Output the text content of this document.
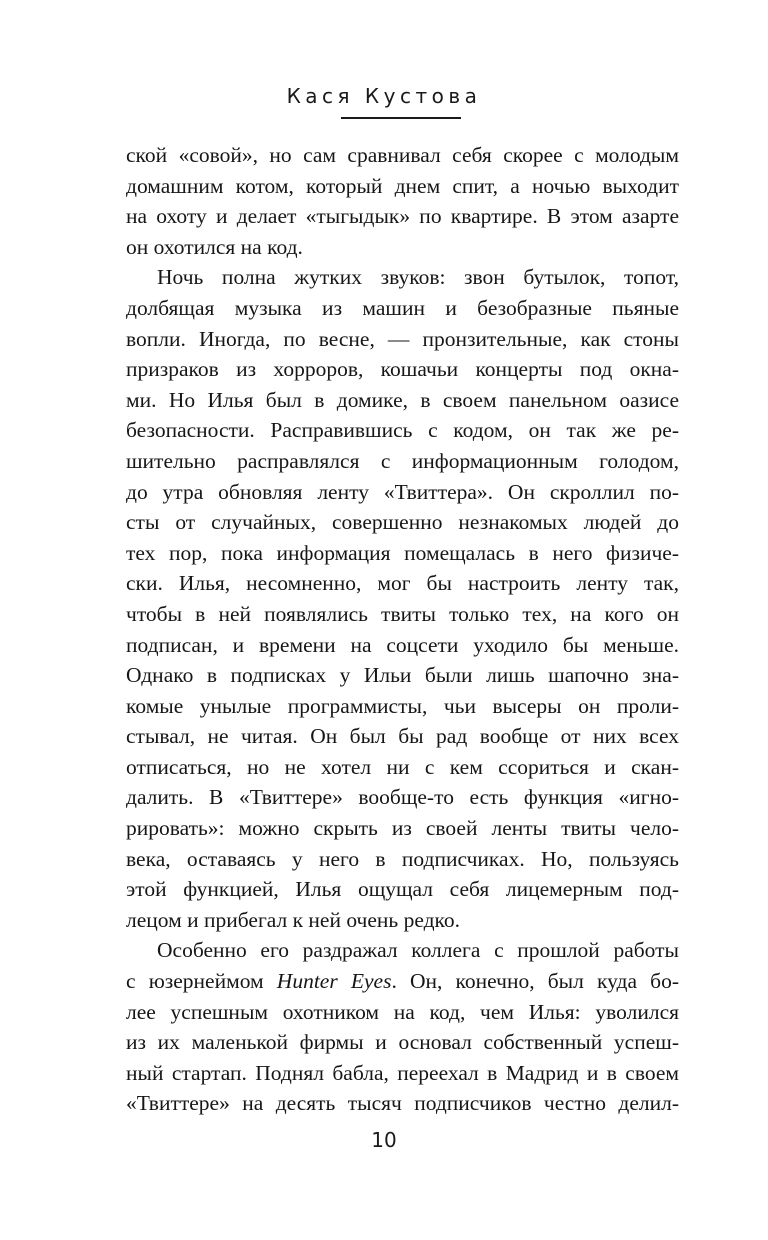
Кася Кустова

ской «совой», но сам сравнивал себя скорее с молодым
домашним котом, который днем спит, а ночью выходит
на охоту и делает «тыгыдык» по квартире. В этом азарте
он охотился на код.

Ночь полна жутких звуков: звон бутылок, топот,
долбящая музыка из машин и безобразные пьяные
вопли. Иногда, по весне, — пронзительные, как стоны
призраков из хорроров, кошачьи концерты под окна-
ми. Но Илья был в домике, в своем панельном оазисе
безопасности. Расправившись с кодом, он так же ре-
шительно расправлялся с информационным голодом,
до утра обновляя ленту «Твиттера». Он скроллил по-
сты от случайных, совершенно незнакомых людей до
тех пор, пока информация помещалась в него физиче-
ски. Илья, несомненно, мог бы настроить ленту так,
чтобы в ней появлялись твиты только тех, на кого он
подписан, и времени на соцсети уходило бы меньше.
Однако в подписках у Ильи были лишь шапочно зна-
комые унылые программисты, чьи высеры он проли-
стывал, не читая. Он был бы рад вообще от них всех
отписаться, но не хотел ни с кем ссориться и скан-
далить. В «Твиттере» вообще-то есть функция «игно-
рировать»: можно скрыть из своей ленты твиты чело-
века, оставаясь у него в подписчиках. Но, пользуясь
этой функцией, Илья ощущал себя лицемерным под-
лецом и прибегал к ней очень редко.

Особенно его раздражал коллега с прошлой работы
с юзернеймом Hunter Eyes. Он, конечно, был куда бо-
лее успешным охотником на код, чем Илья: уволился
из их маленькой фирмы и основал собственный успеш-
ный стартап. Поднял бабла, переехал в Мадрид и в своем
«Твиттере» на десять тысяч подписчиков честно делил-

10
